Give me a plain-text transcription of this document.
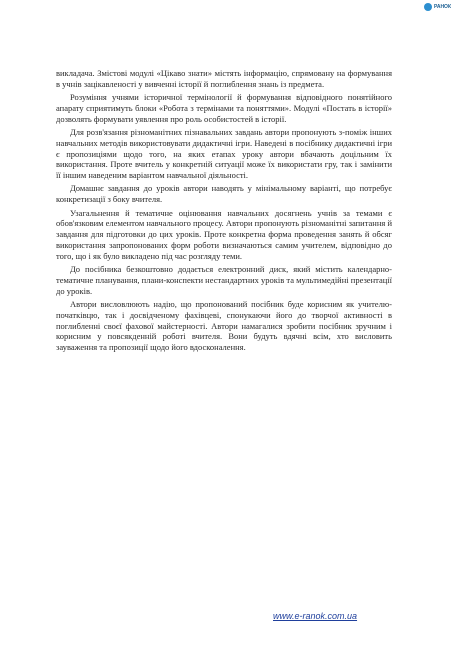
РАНОК

викладача. Змістові модулі «Цікаво знати» містять інформацію, спрямовану на формування в учнів зацікавленості у вивченні історії й поглиблення знань із предмета.

Розуміння учнями історичної термінології й формування відповідного понятійного апарату сприятимуть блоки «Робота з термінами та поняттями». Модулі «Постать в історії» дозволять формувати уявлення про роль особистостей в історії.

Для розв'язання різноманітних пізнавальних завдань автори пропонують з-поміж інших навчальних методів використовувати дидактичні ігри. Наведені в посібнику дидактичні ігри є пропозиціями щодо того, на яких етапах уроку автори вбачають доцільним їх використання. Проте вчитель у конкретній ситуації може їх використати гру, так і замінити її іншим наведеним варіантом навчальної діяльності.

Домашнє завдання до уроків автори наводять у мінімальному варіанті, що потребує конкретизації з боку вчителя.

Узагальнення й тематичне оцінювання навчальних досягнень учнів за темами є обов'язковим елементом навчального процесу. Автори пропонують різноманітні запитання й завдання для підготовки до цих уроків. Проте конкретна форма проведення занять й обсяг використання запропонованих форм роботи визначаються самим учителем, відповідно до того, що і як було викладено під час розгляду теми.

До посібника безкоштовно додається електронний диск, який містить календарно-тематичне планування, плани-конспекти нестандартних уроків та мультимедійні презентації до уроків.

Автори висловлюють надію, що пропонований посібник буде корисним як учителю-початківцю, так і досвідченому фахівцеві, спонукаючи його до творчої активності в поглибленні своєї фахової майстерності. Автори намагалися зробити посібник зручним і корисним у повсякденній роботі вчителя. Вони будуть вдячні всім, хто висловить зауваження та пропозиції щодо його вдосконалення.

www.e-ranok.com.ua
